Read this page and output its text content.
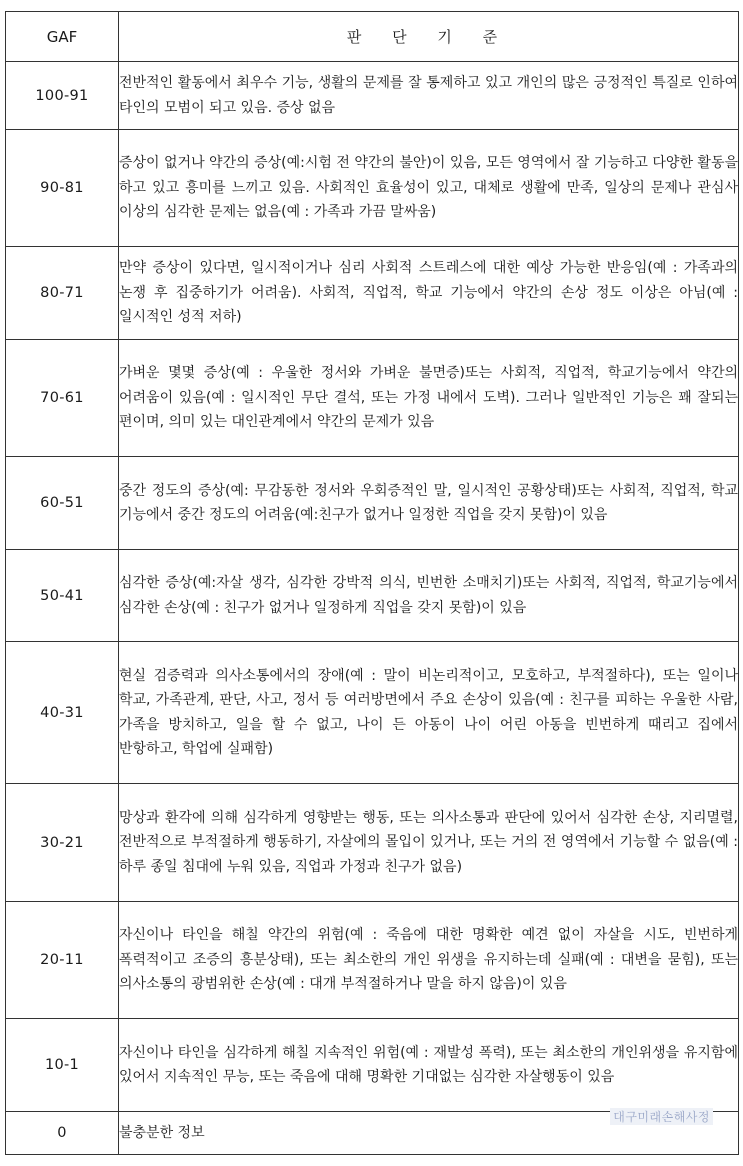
GAF	판 단 기 준
100-91	전반적인 활동에서 최우수 기능, 생활의 문제를 잘 통제하고 있고 개인의 많은 긍정적인 특질로 인하여 타인의 모범이 되고 있음. 증상 없음
90-81	증상이 없거나 약간의 증상(예:시험 전 약간의 불안)이 있음, 모든 영역에서 잘 기능하고 다양한 활동을 하고 있고 흥미를 느끼고 있음. 사회적인 효율성이 있고, 대체로 생활에 만족, 일상의 문제나 관심사 이상의 심각한 문제는 없음(예 : 가족과 가끔 말싸움)
80-71	만약 증상이 있다면, 일시적이거나 심리 사회적 스트레스에 대한 예상 가능한 반응임(예 : 가족과의 논쟁 후 집중하기가 어려움). 사회적, 직업적, 학교 기능에서 약간의 손상 정도 이상은 아님(예 : 일시적인 성적 저하)
70-61	가벼운 몇몇 증상(예 : 우울한 정서와 가벼운 불면증)또는 사회적, 직업적, 학교기능에서 약간의 어려움이 있음(예 : 일시적인 무단 결석, 또는 가정 내에서 도벽). 그러나 일반적인 기능은 꽤 잘되는 편이며, 의미 있는 대인관계에서 약간의 문제가 있음
60-51	중간 정도의 증상(예: 무감동한 정서와 우회증적인 말, 일시적인 공황상태)또는 사회적, 직업적, 학교 기능에서 중간 정도의 어려움(예:친구가 없거나 일정한 직업을 갖지 못함)이 있음
50-41	심각한 증상(예:자살 생각, 심각한 강박적 의식, 빈번한 소매치기)또는 사회적, 직업적, 학교기능에서 심각한 손상(예 : 친구가 없거나 일정하게 직업을 갖지 못함)이 있음
40-31	현실 검증력과 의사소통에서의 장애(예 : 말이 비논리적이고, 모호하고, 부적절하다), 또는 일이나 학교, 가족관계, 판단, 사고, 정서 등 여러방면에서 주요 손상이 있음(예 : 친구를 피하는 우울한 사람, 가족을 방치하고, 일을 할 수 없고, 나이 든 아동이 나이 어린 아동을 빈번하게 때리고 집에서 반항하고, 학업에 실패함)
30-21	망상과 환각에 의해 심각하게 영향받는 행동, 또는 의사소통과 판단에 있어서 심각한 손상, 지리멸렬, 전반적으로 부적절하게 행동하기, 자살에의 몰입이 있거나, 또는 거의 전 영역에서 기능할 수 없음(예 : 하루 종일 침대에 누워 있음, 직업과 가정과 친구가 없음)
20-11	자신이나 타인을 해칠 약간의 위험(예 : 죽음에 대한 명확한 예견 없이 자살을 시도, 빈번하게 폭력적이고 조증의 흥분상태), 또는 최소한의 개인 위생을 유지하는데 실패(예 : 대변을 묻힘), 또는 의사소통의 광범위한 손상(예 : 대개 부적절하거나 말을 하지 않음)이 있음
10-1	자신이나 타인을 심각하게 해칠 지속적인 위험(예 : 재발성 폭력), 또는 최소한의 개인위생을 유지함에 있어서 지속적인 무능, 또는 죽음에 대해 명확한 기대없는 심각한 자살행동이 있음
0	불충분한 정보
대구미래손해사정
